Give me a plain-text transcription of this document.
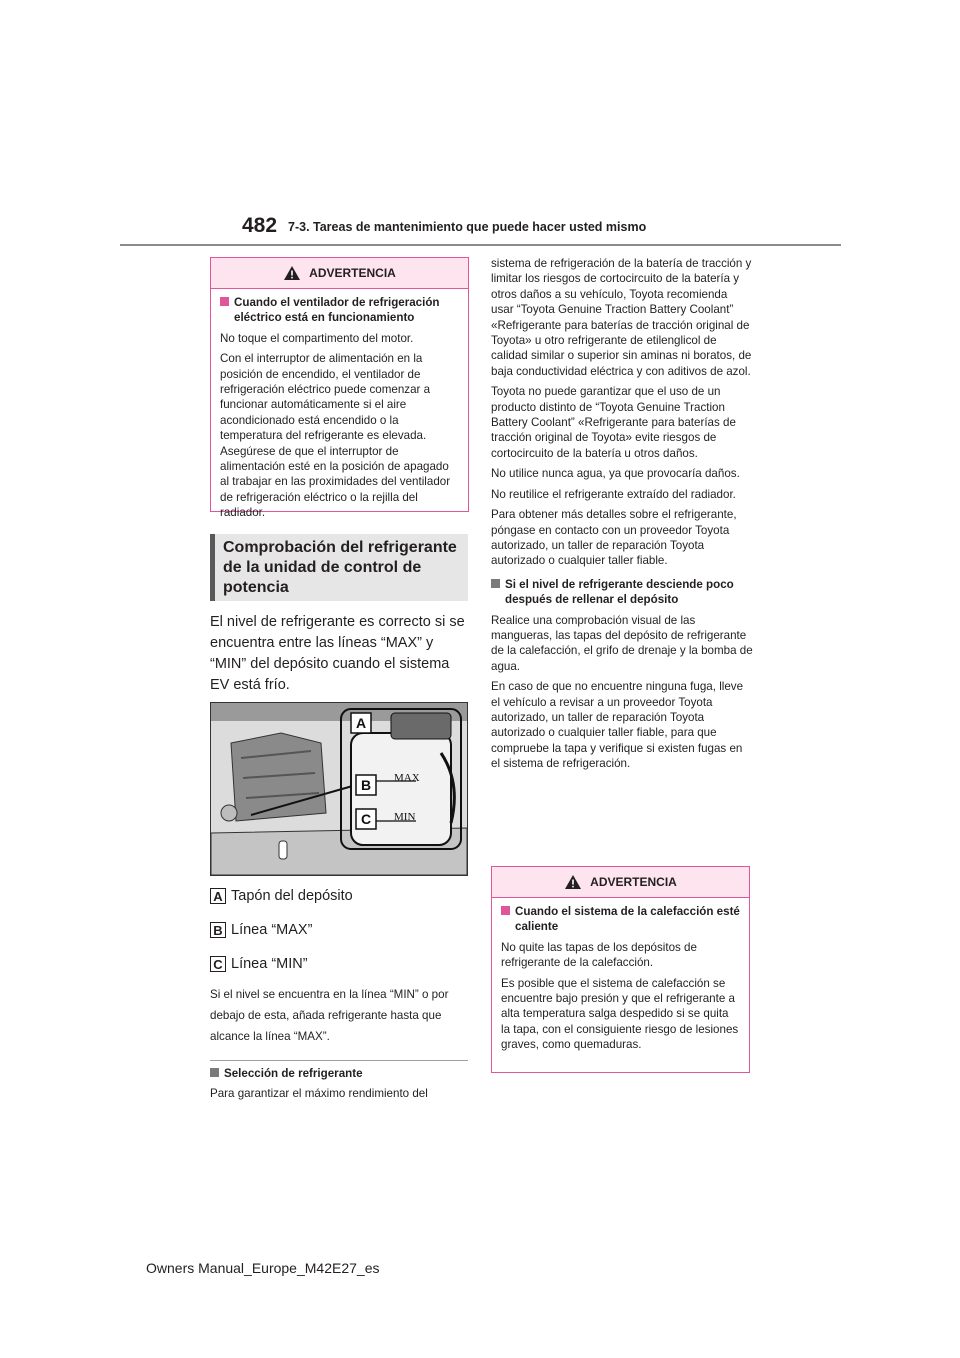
482 7-3. Tareas de mantenimiento que puede hacer usted mismo
ADVERTENCIA
Cuando el ventilador de refrigeración eléctrico está en funcionamiento

No toque el compartimento del motor.

Con el interruptor de alimentación en la posición de encendido, el ventilador de refrigeración eléctrico puede comenzar a funcionar automáticamente si el aire acondicionado está encendido o la temperatura del refrigerante es elevada. Asegúrese de que el interruptor de alimentación esté en la posición de apagado al trabajar en las proximidades del ventilador de refrigeración eléctrico o la rejilla del radiador.

Comprobación del refrigerante de la unidad de control de potencia
El nivel de refrigerante es correcto si se encuentra entre las líneas “MAX” y “MIN” del depósito cuando el sistema EV está frío.
A
B
C
MAX
MIN
A Tapón del depósito
B Línea “MAX”
C Línea “MIN”
Si el nivel se encuentra en la línea “MIN” o por debajo de esta, añada refrigerante hasta que alcance la línea “MAX”.
Selección de refrigerante

Para garantizar el máximo rendimiento del

sistema de refrigeración de la batería de tracción y limitar los riesgos de cortocircuito de la batería y otros daños a su vehículo, Toyota recomienda usar “Toyota Genuine Traction Battery Coolant” «Refrigerante para baterías de tracción original de Toyota» u otro refrigerante de etilenglicol de calidad similar o superior sin aminas ni boratos, de baja conductividad eléctrica y con aditivos de azol.

Toyota no puede garantizar que el uso de un producto distinto de “Toyota Genuine Traction Battery Coolant” «Refrigerante para baterías de tracción original de Toyota» evite riesgos de cortocircuito de la batería u otros daños.

No utilice nunca agua, ya que provocaría daños.

No reutilice el refrigerante extraído del radiador.

Para obtener más detalles sobre el refrigerante, póngase en contacto con un proveedor Toyota autorizado, un taller de reparación Toyota autorizado o cualquier taller fiable.

Si el nivel de refrigerante desciende poco después de rellenar el depósito

Realice una comprobación visual de las mangueras, las tapas del depósito de refrigerante de la calefacción, el grifo de drenaje y la bomba de agua.

En caso de que no encuentre ninguna fuga, lleve el vehículo a revisar a un proveedor Toyota autorizado, un taller de reparación Toyota autorizado o cualquier taller fiable, para que compruebe la tapa y verifique si existen fugas en el sistema de refrigeración.

ADVERTENCIA
Cuando el sistema de la calefacción esté caliente

No quite las tapas de los depósitos de refrigerante de la calefacción.

Es posible que el sistema de calefacción se encuentre bajo presión y que el refrigerante a alta temperatura salga despedido si se quita la tapa, con el consiguiente riesgo de lesiones graves, como quemaduras.

Owners Manual_Europe_M42E27_es
